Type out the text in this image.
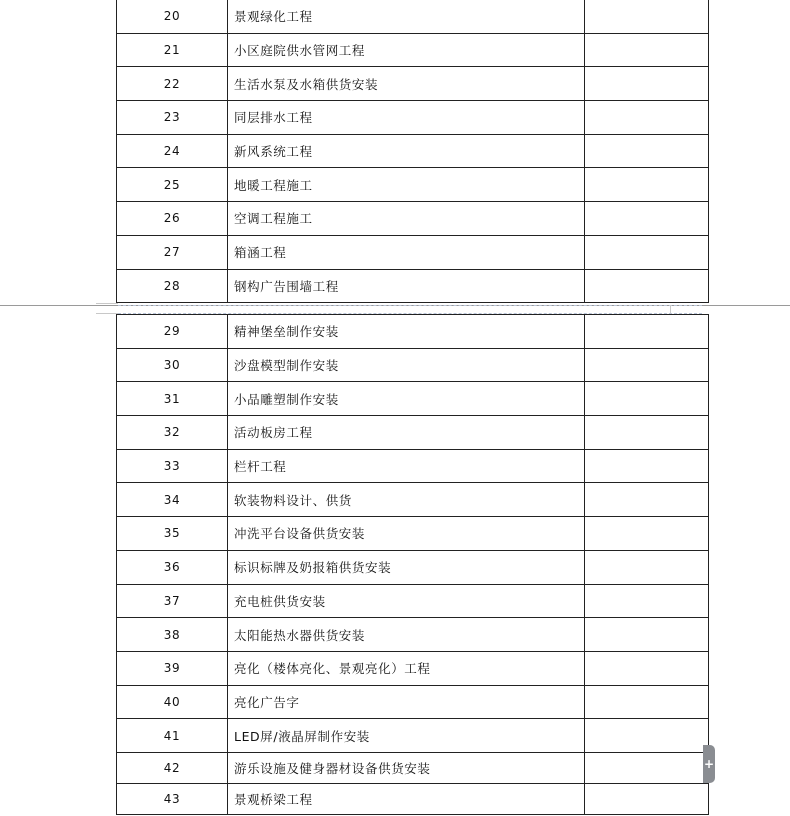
20	景观绿化工程	
21	小区庭院供水管网工程	
22	生活水泵及水箱供货安装	
23	同层排水工程	
24	新风系统工程	
25	地暖工程施工	
26	空调工程施工	
27	箱涵工程	
28	钢构广告围墙工程	
29	精神堡垒制作安装	
30	沙盘模型制作安装	
31	小品雕塑制作安装	
32	活动板房工程	
33	栏杆工程	
34	软装物料设计、供货	
35	冲洗平台设备供货安装	
36	标识标牌及奶报箱供货安装	
37	充电桩供货安装	
38	太阳能热水器供货安装	
39	亮化（楼体亮化、景观亮化）工程	
40	亮化广告字	
41	LED屏/液晶屏制作安装	
42	游乐设施及健身器材设备供货安装	
43	景观桥梁工程	
+
